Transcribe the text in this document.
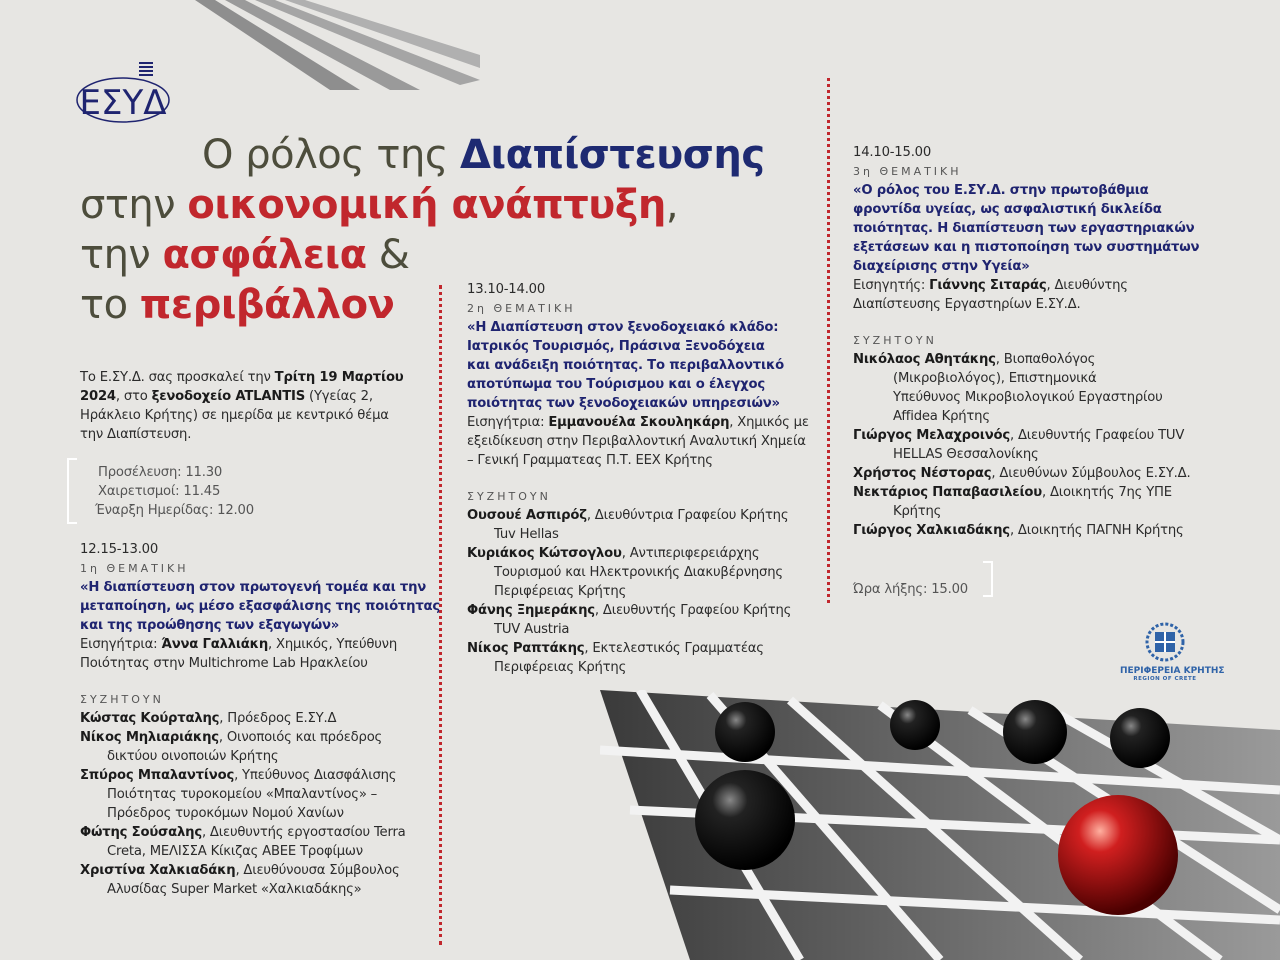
ΕΣΥΔ
Ο ρόλος της Διαπίστευσης
στην οικονομική ανάπτυξη,
την ασφάλεια &
το περιβάλλον
Το Ε.ΣΥ.Δ. σας προσκαλεί την Τρίτη 19 Μαρτίου
2024, στο ξενοδοχείο ATLANTIS (Υγείας 2,
Ηράκλειο Κρήτης) σε ημερίδα με κεντρικό θέμα
την Διαπίστευση.
Προσέλευση: 11.30
Χαιρετισμοί: 11.45
Έναρξη Ημερίδας: 12.00
12.15-13.00
1η ΘΕΜΑΤΙΚΗ
«Η διαπίστευση στον πρωτογενή τομέα και την
μεταποίηση, ως μέσο εξασφάλισης της ποιότητας
και της προώθησης των εξαγωγών»
Εισηγήτρια: Άννα Γαλλιάκη, Χημικός, Υπεύθυνη
Ποιότητας στην Multichrome Lab Ηρακλείου
ΣΥΖΗΤΟΥΝ
Κώστας Κούρταλης, Πρόεδρος Ε.ΣΥ.Δ
Νίκος Μηλιαριάκης, Οινοποιός και πρόεδρος
δικτύου οινοποιών Κρήτης
Σπύρος Μπαλαντίνος, Υπεύθυνος Διασφάλισης
Ποιότητας τυροκομείου «Μπαλαντίνος» –
Πρόεδρος τυροκόμων Νομού Χανίων
Φώτης Σούσαλης, Διευθυντής εργοστασίου Terra
Creta, ΜΕΛΙΣΣΑ Κίκιζας ΑΒΕΕ Τροφίμων
Χριστίνα Χαλκιαδάκη, Διευθύνουσα Σύμβουλος
Αλυσίδας Super Market «Χαλκιαδάκης»
13.10-14.00
2η ΘΕΜΑΤΙΚΗ
«Η Διαπίστευση στον ξενοδοχειακό κλάδο:
Ιατρικός Τουρισμός, Πράσινα Ξενοδόχεια
και ανάδειξη ποιότητας. Το περιβαλλοντικό
αποτύπωμα του Τούρισμου και ο έλεγχος
ποιότητας των ξενοδοχειακών υπηρεσιών»
Εισηγήτρια: Εμμανουέλα Σκουληκάρη, Χημικός με
εξειδίκευση στην Περιβαλλοντική Αναλυτική Χημεία
– Γενική Γραμματεας Π.Τ. ΕΕΧ Κρήτης
ΣΥΖΗΤΟΥΝ
Ουσουέ Ασπιρόζ, Διευθύντρια Γραφείου Κρήτης
Tuv Hellas
Κυριάκος Κώτσογλου, Αντιπεριφερειάρχης
Τουρισμού και Ηλεκτρονικής Διακυβέρνησης
Περιφέρειας Κρήτης
Φάνης Ξημεράκης, Διευθυντής Γραφείου Κρήτης
TUV Austria
Νίκος Ραπτάκης, Εκτελεστικός Γραμματέας
Περιφέρειας Κρήτης
14.10-15.00
3η ΘΕΜΑΤΙΚΗ
«Ο ρόλος του Ε.ΣΥ.Δ. στην πρωτοβάθμια
φροντίδα υγείας, ως ασφαλιστική δικλείδα
ποιότητας. Η διαπίστευση των εργαστηριακών
εξετάσεων και η πιστοποίηση των συστημάτων
διαχείρισης στην Υγεία»
Εισηγητής: Γιάννης Σιταράς, Διευθύντης
Διαπίστευσης Εργαστηρίων Ε.ΣΥ.Δ.
ΣΥΖΗΤΟΥΝ
Νικόλαος Αθητάκης, Βιοπαθολόγος
(Μικροβιολόγος), Επιστημονικά
Υπεύθυνος Μικροβιολογικού Εργαστηρίου
Affidea Κρήτης
Γιώργος Μελαχροινός, Διευθυντής Γραφείου TUV
HELLAS Θεσσαλονίκης
Χρήστος Νέστορας, Διευθύνων Σύμβουλος Ε.ΣΥ.Δ.
Νεκτάριος Παπαβασιλείου, Διοικητής 7ης ΥΠΕ
Κρήτης
Γιώργος Χαλκιαδάκης, Διοικητής ΠΑΓΝΗ Κρήτης
Ώρα λήξης: 15.00
ΠΕΡΙΦΕΡΕΙΑ ΚΡΗΤΗΣ
REGION OF CRETE
